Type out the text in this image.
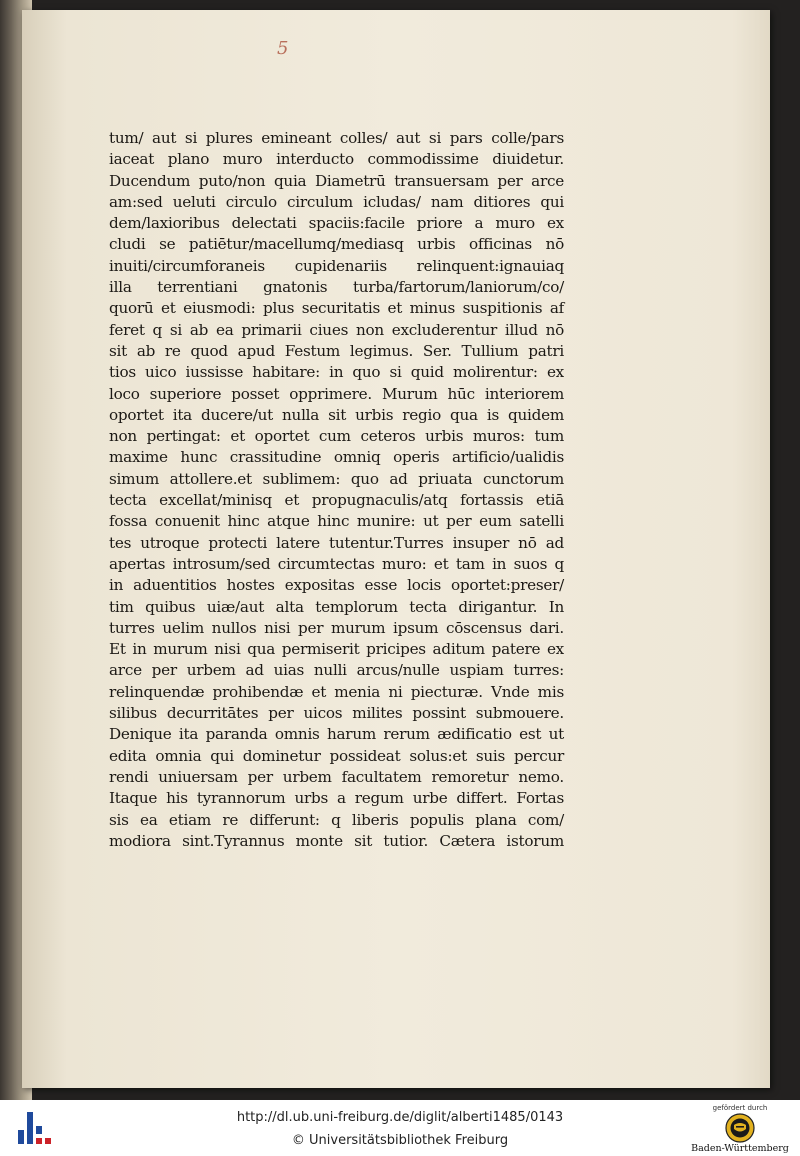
5
tum/ aut si plures emineant colles/ aut si pars colle/pars
iaceat plano muro interducto commodissime diuidetur.
Ducendum puto/non quia Diametrū transuersam per arce
am:sed ueluti circulo circulum icludas/ nam ditiores qui
dem/laxioribus delectati spaciis:facile priore a muro ex
cludi se patiētur/macellumq/mediasq urbis officinas nō
inuiti/circumforaneis cupidenariis relinquent:ignauiaq
illa terrentiani gnatonis turba/fartorum/laniorum/co/
quorū et eiusmodi: plus securitatis et minus suspitionis af
feret q si ab ea primarii ciues non excluderentur illud nō
sit ab re quod apud Festum legimus. Ser. Tullium patri
tios uico iussisse habitare: in quo si quid molirentur: ex
loco superiore posset opprimere. Murum hūc interiorem
oportet ita ducere/ut nulla sit urbis regio qua is quidem
non pertingat: et oportet cum ceteros urbis muros: tum
maxime hunc crassitudine omniq operis artificio/ualidis
simum attollere.et sublimem: quo ad priuata cunctorum
tecta excellat/minisq et propugnaculis/atq fortassis etiā
fossa conuenit hinc atque hinc munire: ut per eum satelli
tes utroque protecti latere tutentur.Turres insuper nō ad
apertas introsum/sed circumtectas muro: et tam in suos q
in aduentitios hostes expositas esse locis oportet:preser/
tim quibus uiæ/aut alta templorum tecta dirigantur. In
turres uelim nullos nisi per murum ipsum cōscensus dari.
Et in murum nisi qua permiserit pricipes aditum patere ex
arce per urbem ad uias nulli arcus/nulle uspiam turres:
relinquendæ prohibendæ et menia ni piecturæ. Vnde mis
silibus decurritātes per uicos milites possint submouere.
Denique ita paranda omnis harum rerum ædificatio est ut
edita omnia qui dominetur possideat solus:et suis percur
rendi uniuersam per urbem facultatem remoretur nemo.
Itaque his tyrannorum urbs a regum urbe differt. Fortas
sis ea etiam re differunt: q liberis populis plana com/
modiora sint.Tyrannus monte sit tutior. Cætera istorum
http://dl.ub.uni-freiburg.de/diglit/alberti1485/0143
© Universitätsbibliothek Freiburg
gefördert durch
Baden-Württemberg
